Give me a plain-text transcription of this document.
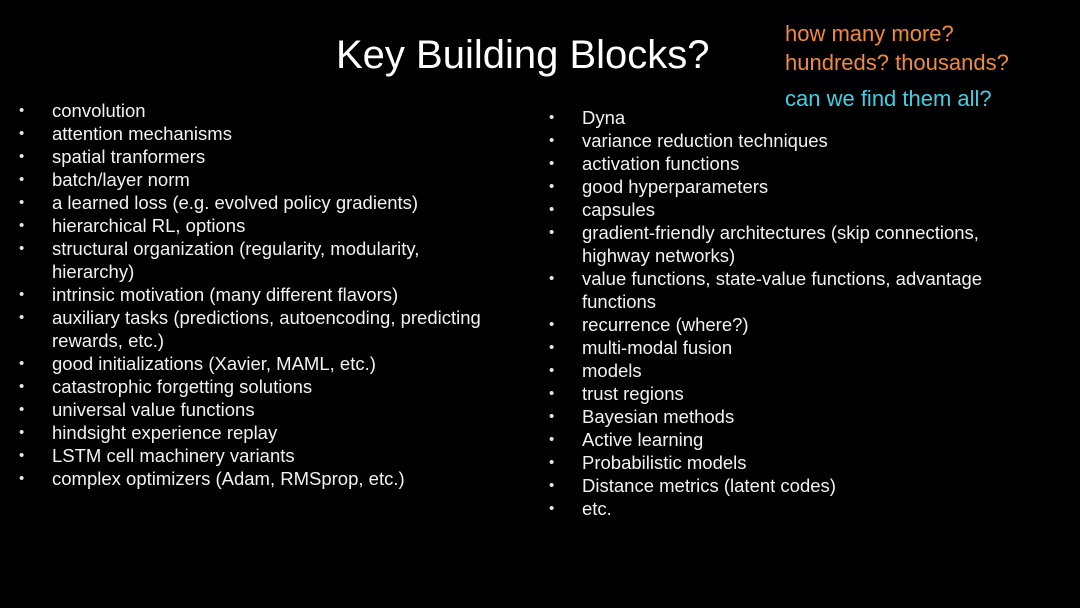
Key Building Blocks?	how many more?
hundreds? thousands?
can we find them all?
• convolution
• attention mechanisms
• spatial tranformers
• batch/layer norm
• a learned loss (e.g. evolved policy gradients)
• hierarchical RL, options
• structural organization (regularity, modularity, hierarchy)
• intrinsic motivation (many different flavors)
• auxiliary tasks (predictions, autoencoding, predicting rewards, etc.)
• good initializations (Xavier, MAML, etc.)
• catastrophic forgetting solutions
• universal value functions
• hindsight experience replay
• LSTM cell machinery variants
• complex optimizers (Adam, RMSprop, etc.)
• Dyna
• variance reduction techniques
• activation functions
• good hyperparameters
• capsules
• gradient-friendly architectures (skip connections, highway networks)
• value functions, state-value functions, advantage functions
• recurrence (where?)
• multi-modal fusion
• models
• trust regions
• Bayesian methods
• Active learning
• Probabilistic models
• Distance metrics (latent codes)
• etc.
